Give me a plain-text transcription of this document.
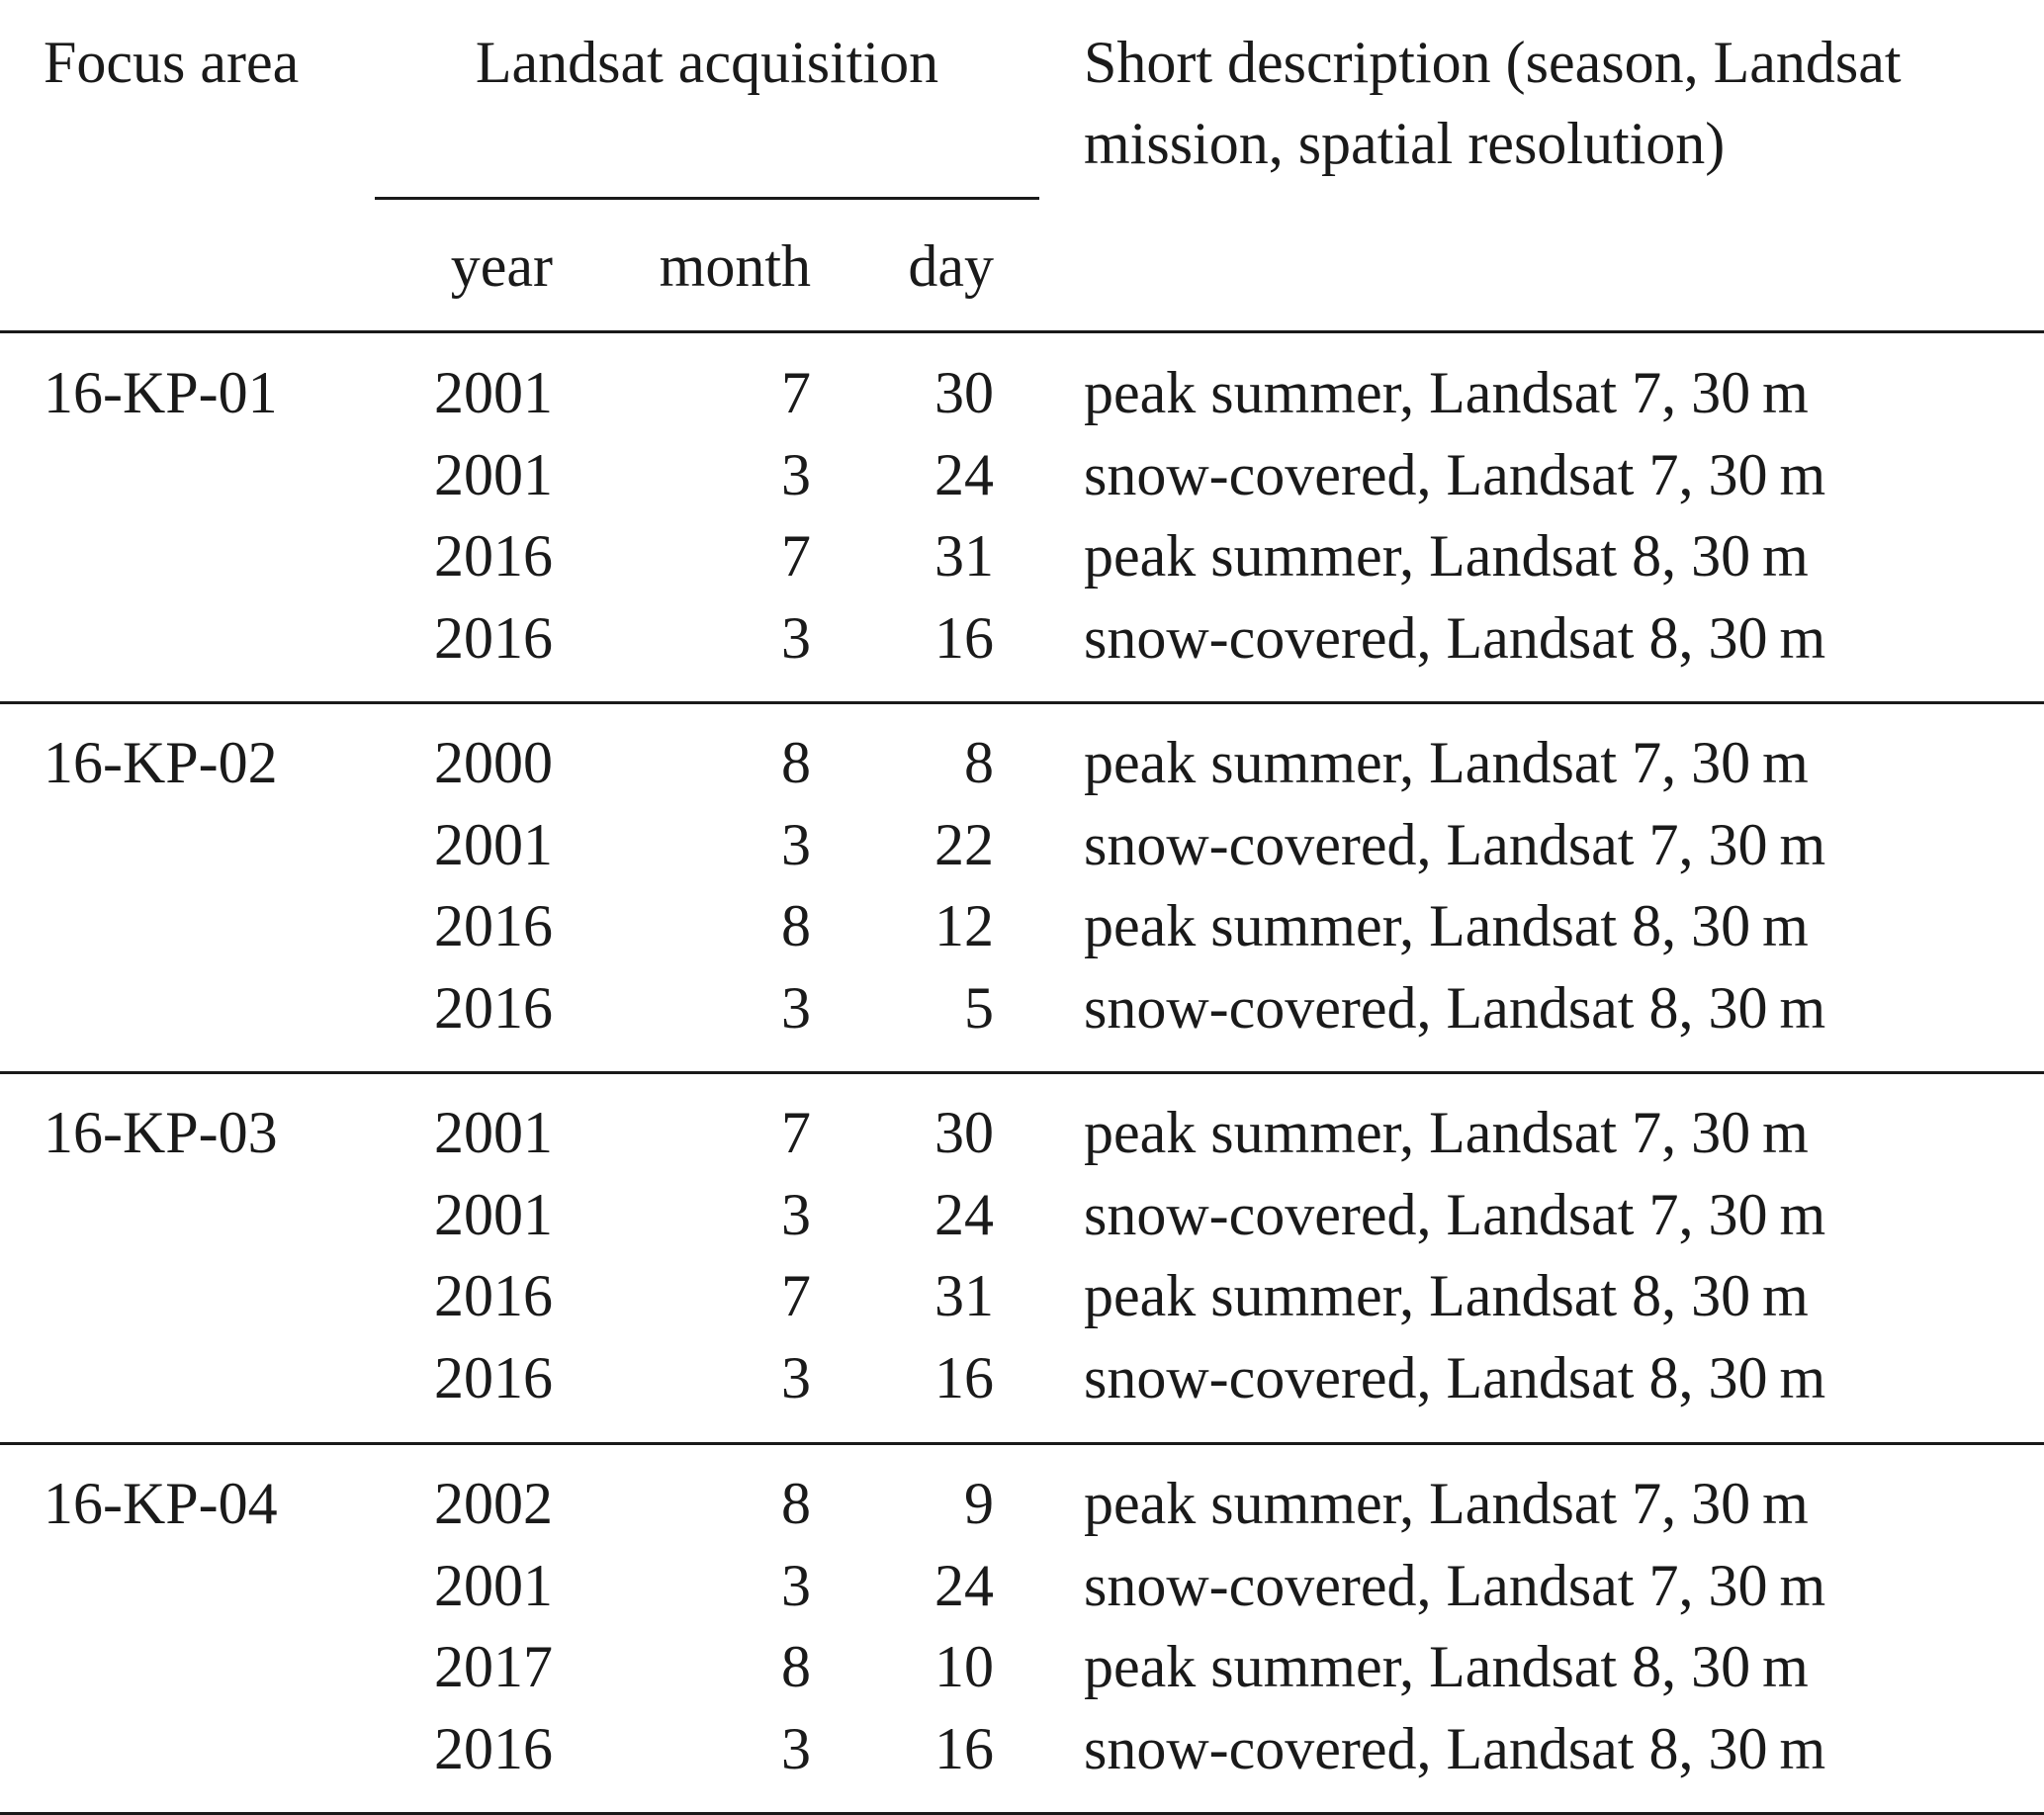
Focus area	Landsat acquisition	Short description (season, Landsat
mission, spatial resolution)
year	month	day
16-KP-01	2001	7	30 peak summer, Landsat 7, 30 m
2001	3	24 snow-covered, Landsat 7, 30 m
2016	7	31 peak summer, Landsat 8, 30 m
2016	3	16 snow-covered, Landsat 8, 30 m
16-KP-02	2000	8	8 peak summer, Landsat 7, 30 m
2001	3	22 snow-covered, Landsat 7, 30 m
2016	8	12 peak summer, Landsat 8, 30 m
2016	3	5 snow-covered, Landsat 8, 30 m
16-KP-03	2001	7	30 peak summer, Landsat 7, 30 m
2001	3	24 snow-covered, Landsat 7, 30 m
2016	7	31 peak summer, Landsat 8, 30 m
2016	3	16 snow-covered, Landsat 8, 30 m
16-KP-04	2002	8	9 peak summer, Landsat 7, 30 m
2001	3	24 snow-covered, Landsat 7, 30 m
2017	8	10 peak summer, Landsat 8, 30 m
2016	3	16 snow-covered, Landsat 8, 30 m
